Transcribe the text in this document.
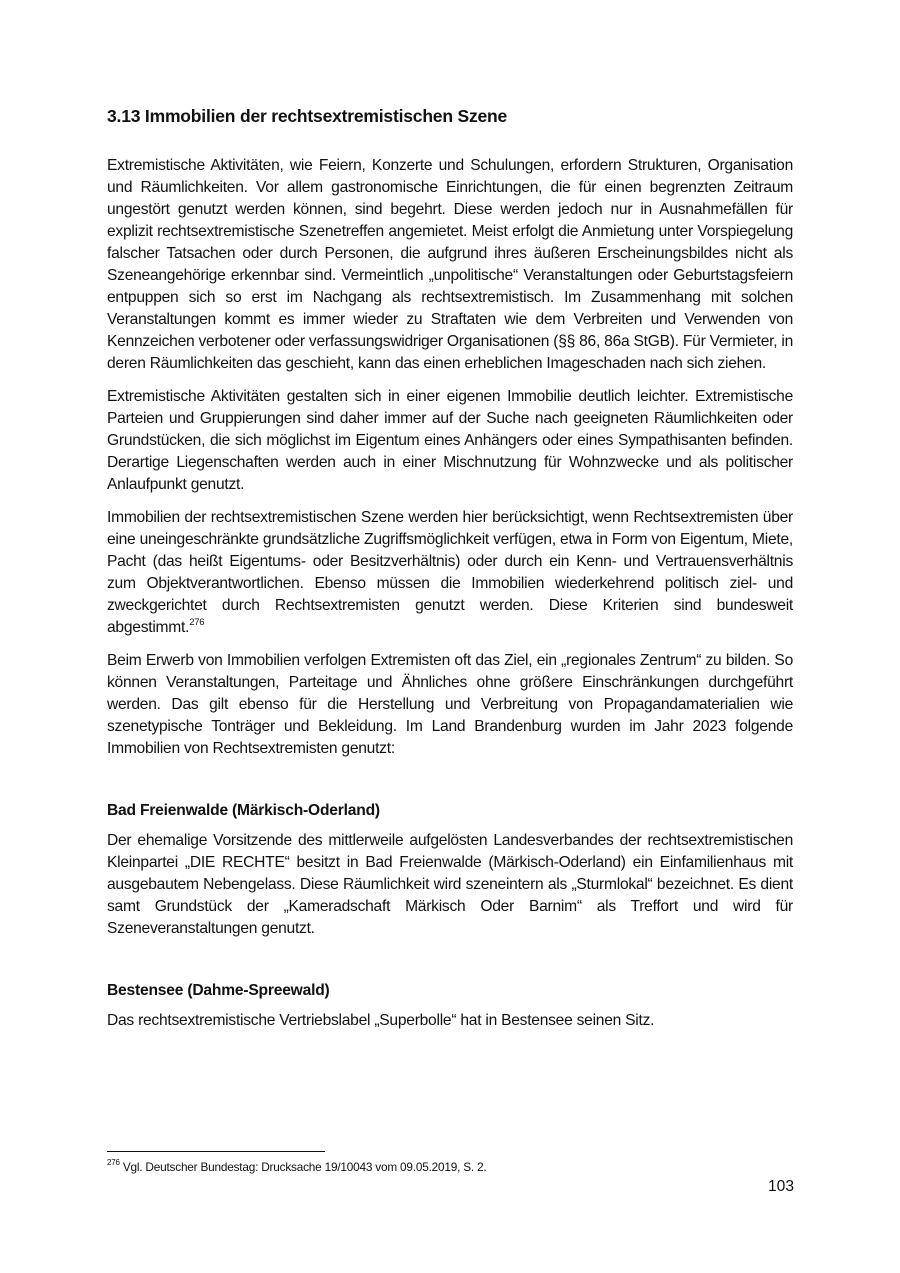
3.13 Immobilien der rechtsextremistischen Szene

Extremistische Aktivitäten, wie Feiern, Konzerte und Schulungen, erfordern Strukturen, Organisation und Räumlichkeiten. Vor allem gastronomische Einrichtungen, die für einen begrenzten Zeitraum ungestört genutzt werden können, sind begehrt. Diese werden jedoch nur in Ausnahmefällen für explizit rechtsextremistische Szenetreffen angemietet. Meist erfolgt die Anmietung unter Vorspiegelung falscher Tatsachen oder durch Personen, die aufgrund ihres äußeren Erscheinungsbildes nicht als Szeneangehörige erkennbar sind. Vermeintlich „unpolitische“ Veranstaltungen oder Geburtstagsfeiern entpuppen sich so erst im Nachgang als rechtsextremistisch. Im Zusammenhang mit solchen Veranstaltungen kommt es immer wieder zu Straftaten wie dem Verbreiten und Verwenden von Kennzeichen verbotener oder verfassungswidriger Organisationen (§§ 86, 86a StGB). Für Vermieter, in deren Räumlichkeiten das geschieht, kann das einen erheblichen Imageschaden nach sich ziehen.

Extremistische Aktivitäten gestalten sich in einer eigenen Immobilie deutlich leichter. Extremistische Parteien und Gruppierungen sind daher immer auf der Suche nach geeigneten Räumlichkeiten oder Grundstücken, die sich möglichst im Eigentum eines Anhängers oder eines Sympathisanten befinden. Derartige Liegenschaften werden auch in einer Mischnutzung für Wohnzwecke und als politischer Anlaufpunkt genutzt.

Immobilien der rechtsextremistischen Szene werden hier berücksichtigt, wenn Rechtsextremisten über eine uneingeschränkte grundsätzliche Zugriffsmöglichkeit verfügen, etwa in Form von Eigentum, Miete, Pacht (das heißt Eigentums- oder Besitzverhältnis) oder durch ein Kenn- und Vertrauensverhältnis zum Objektverantwortlichen. Ebenso müssen die Immobilien wiederkehrend politisch ziel- und zweckgerichtet durch Rechtsextremisten genutzt werden. Diese Kriterien sind bundesweit abgestimmt.$^{276}$

Beim Erwerb von Immobilien verfolgen Extremisten oft das Ziel, ein „regionales Zentrum“ zu bilden. So können Veranstaltungen, Parteitage und Ähnliches ohne größere Einschränkungen durchgeführt werden. Das gilt ebenso für die Herstellung und Verbreitung von Propagandamaterialien wie szenetypische Tonträger und Bekleidung. Im Land Brandenburg wurden im Jahr 2023 folgende Immobilien von Rechtsextremisten genutzt:

Bad Freienwalde (Märkisch-Oderland)

Der ehemalige Vorsitzende des mittlerweile aufgelösten Landesverbandes der rechtsextremistischen Kleinpartei „DIE RECHTE“ besitzt in Bad Freienwalde (Märkisch-Oderland) ein Einfamilienhaus mit ausgebautem Nebengelass. Diese Räumlichkeit wird szeneintern als „Sturmlokal“ bezeichnet. Es dient samt Grundstück der „Kameradschaft Märkisch Oder Barnim“ als Treffort und wird für Szeneveranstaltungen genutzt.

Bestensee (Dahme-Spreewald)

Das rechtsextremistische Vertriebslabel „Superbolle“ hat in Bestensee seinen Sitz.

$^{276}$ Vgl. Deutscher Bundestag: Drucksache 19/10043 vom 09.05.2019, S. 2.
103
